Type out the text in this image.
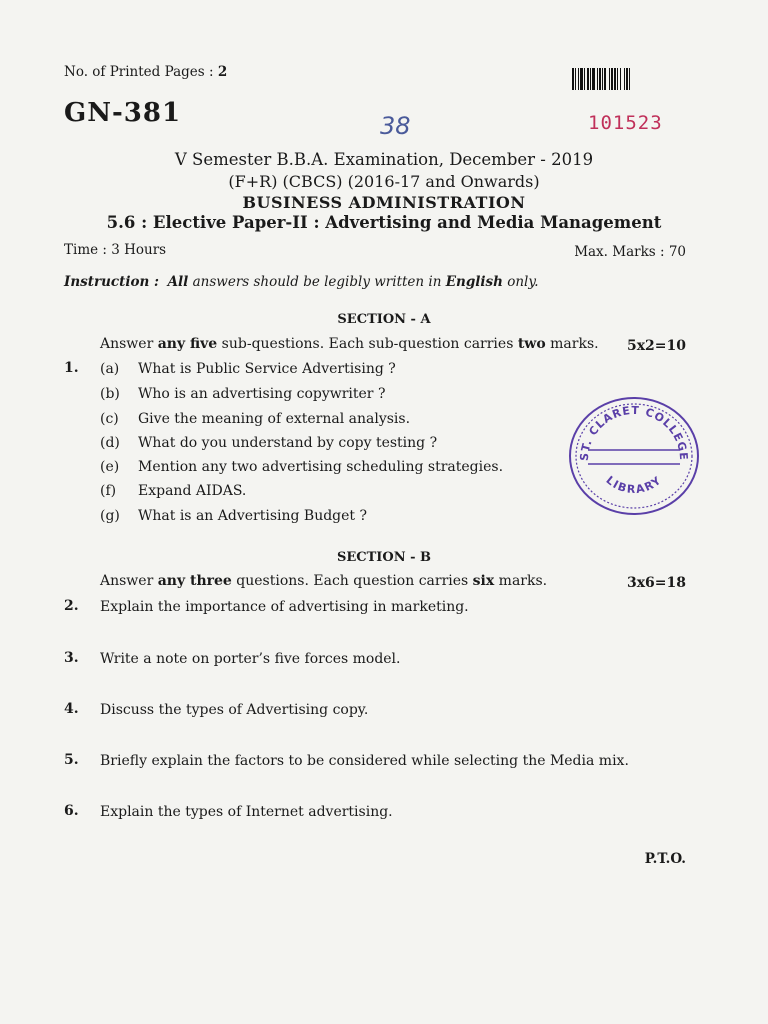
No. of Printed Pages : 2
GN-381	38	101523
V Semester B.B.A. Examination, December - 2019
(F+R) (CBCS) (2016-17 and Onwards)
BUSINESS ADMINISTRATION
5.6 : Elective Paper-II : Advertising and Media Management
Time : 3 Hours	Max. Marks : 70
Instruction : All answers should be legibly written in English only.
SECTION - A
Answer any five sub-questions. Each sub-question carries two marks. 5x2=10
1. (a) What is Public Service Advertising ?
(b) Who is an advertising copywriter ?
(c) Give the meaning of external analysis.
(d) What do you understand by copy testing ?
(e) Mention any two advertising scheduling strategies.
(f) Expand AIDAS.
(g) What is an Advertising Budget ?
ST. CLARET COLLEGE
LIBRARY
SECTION - B
Answer any three questions. Each question carries six marks.	3x6=18
2. Explain the importance of advertising in marketing.
3. Write a note on porter’s five forces model.
4. Discuss the types of Advertising copy.
5. Briefly explain the factors to be considered while selecting the Media mix.
6. Explain the types of Internet advertising.
P.T.O.
